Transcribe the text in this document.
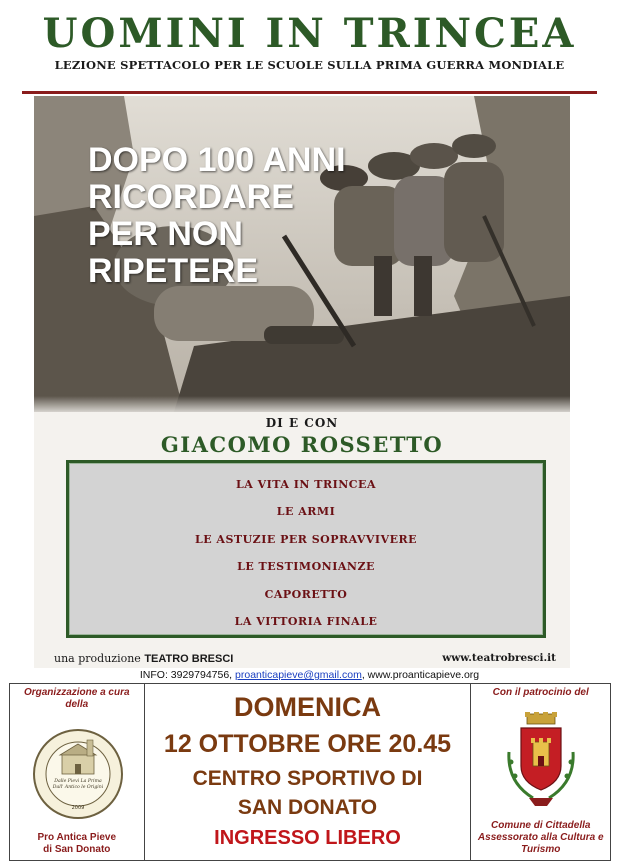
UOMINI IN TRINCEA
LEZIONE SPETTACOLO PER LE SCUOLE SULLA PRIMA GUERRA MONDIALE
DOPO 100 ANNI
RICORDARE
PER NON
RIPETERE
DI E CON
GIACOMO ROSSETTO
LA VITA IN TRINCEA
LE ARMI
LE ASTUZIE PER SOPRAVVIVERE
LE TESTIMONIANZE
CAPORETTO
LA VITTORIA FINALE
una produzione TEATRO BRESCI	www.teatrobresci.it
INFO: 3929794756, proanticapieve@gmail.com, www.proanticapieve.org
Organizzazione a cura
della
Dalle Pievi La Prima
Dall' Antico le Origini
2009
Pro Antica Pieve
di San Donato
DOMENICA
12 OTTOBRE ORE 20.45
CENTRO SPORTIVO DI
SAN DONATO
INGRESSO LIBERO
Con il patrocinio del
Comune di Cittadella
Assessorato alla Cultura e
Turismo
